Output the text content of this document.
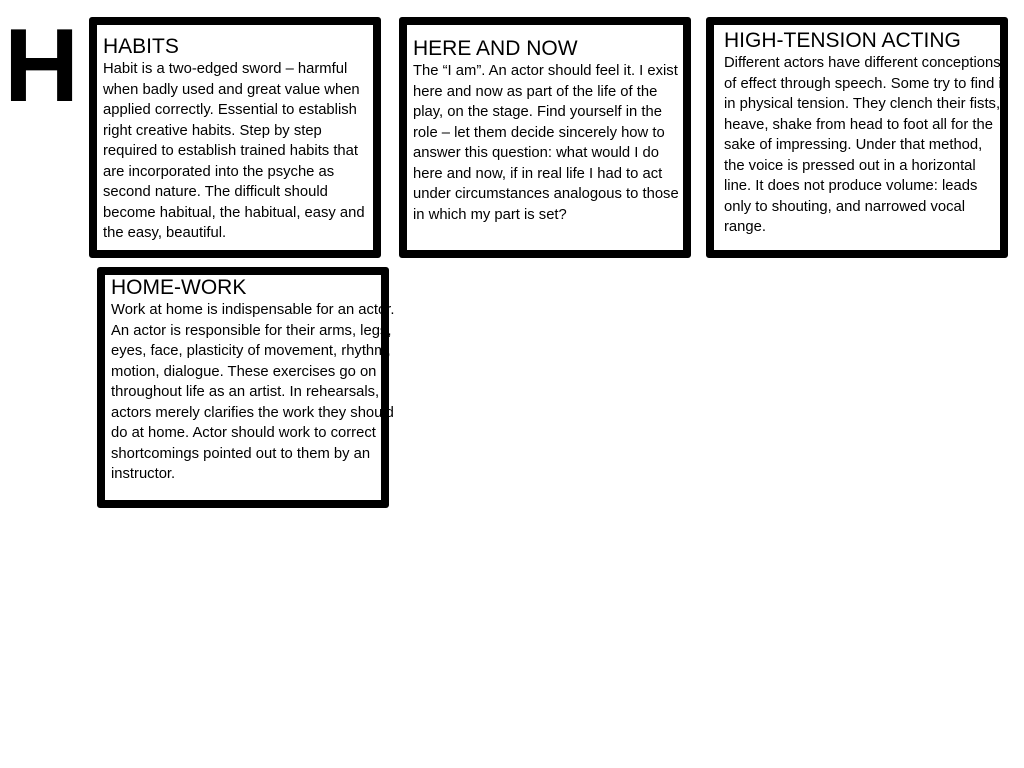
H HABITS

Habit is a two-edged sword – harmful when badly used and great value when applied correctly. Essential to establish right creative habits. Step by step required to establish trained habits that are incorporated into the psyche as second nature. The difficult should become habitual, the habitual, easy and the easy, beautiful.

HERE AND NOW

The “I am”. An actor should feel it. I exist here and now as part of the life of the play, on the stage. Find yourself in the role – let them decide sincerely how to answer this question: what would I do here and now, if in real life I had to act under circumstances analogous to those in which my part is set?

HIGH-TENSION ACTING

Different actors have different conceptions of effect through speech. Some try to find it in physical tension. They clench their fists, heave, shake from head to foot all for the sake of impressing. Under that method, the voice is pressed out in a horizontal line. It does not produce volume: leads only to shouting, and narrowed vocal range.

HOME-WORK

Work at home is indispensable for an actor. An actor is responsible for their arms, legs, eyes, face, plasticity of movement, rhythm, motion, dialogue. These exercises go on throughout life as an artist. In rehearsals, actors merely clarifies the work they should do at home. Actor should work to correct shortcomings pointed out to them by an instructor.
